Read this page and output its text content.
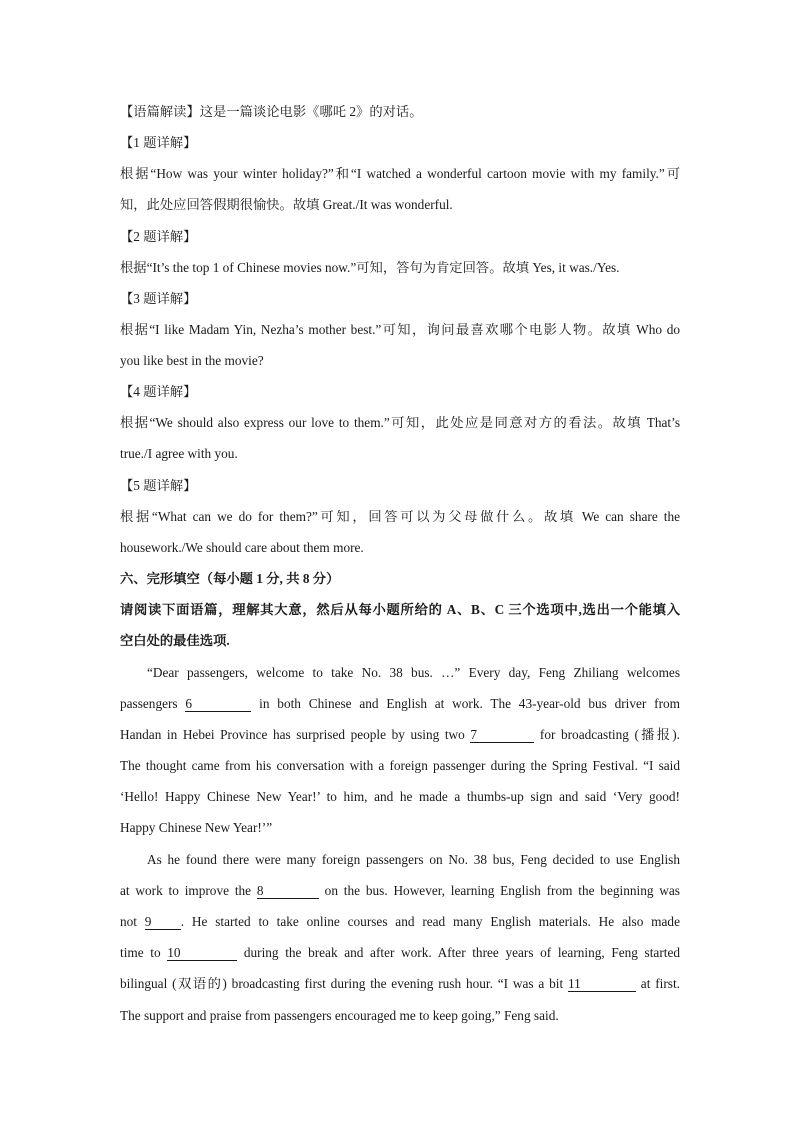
【语篇解读】这是一篇谈论电影《哪吒 2》的对话。
【1 题详解】
根据“How was your winter holiday?”和“I watched a wonderful cartoon movie with my family.”可
知，此处应回答假期很愉快。故填 Great./It was wonderful.
【2 题详解】
根据“It’s the top 1 of Chinese movies now.”可知，答句为肯定回答。故填 Yes, it was./Yes.
【3 题详解】
根据“I like Madam Yin, Nezha’s mother best.”可知，询问最喜欢哪个电影人物。故填 Who do
you like best in the movie?
【4 题详解】
根据“We should also express our love to them.”可知，此处应是同意对方的看法。故填 That’s
true./I agree with you.
【5 题详解】
根据“What can we do for them?”可知，回答可以为父母做什么。故填 We can share the
housework./We should care about them more.
六、完形填空（每小题 1 分, 共 8 分）
请阅读下面语篇，理解其大意，然后从每小题所给的 A、B、C 三个选项中,选出一个能填入
空白处的最佳选项.
“Dear passengers, welcome to take No. 38 bus. …” Every day, Feng Zhiliang welcomes
passengers 6	in both Chinese and English at work. The 43-year-old bus driver from
Handan in Hebei Province has surprised people by using two 7	for broadcasting (播报).
The thought came from his conversation with a foreign passenger during the Spring Festival. “I said
‘Hello! Happy Chinese New Year!’ to him, and he made a thumbs-up sign and said ‘Very good!
Happy Chinese New Year!’”
As he found there were many foreign passengers on No. 38 bus, Feng decided to use English
at work to improve the 8	on the bus. However, learning English from the beginning was
not 9 . He started to take online courses and read many English materials. He also made
time to 10	during the break and after work. After three years of learning, Feng started
bilingual (双语的) broadcasting first during the evening rush hour. “I was a bit 11	at first.
The support and praise from passengers encouraged me to keep going,” Feng said.
